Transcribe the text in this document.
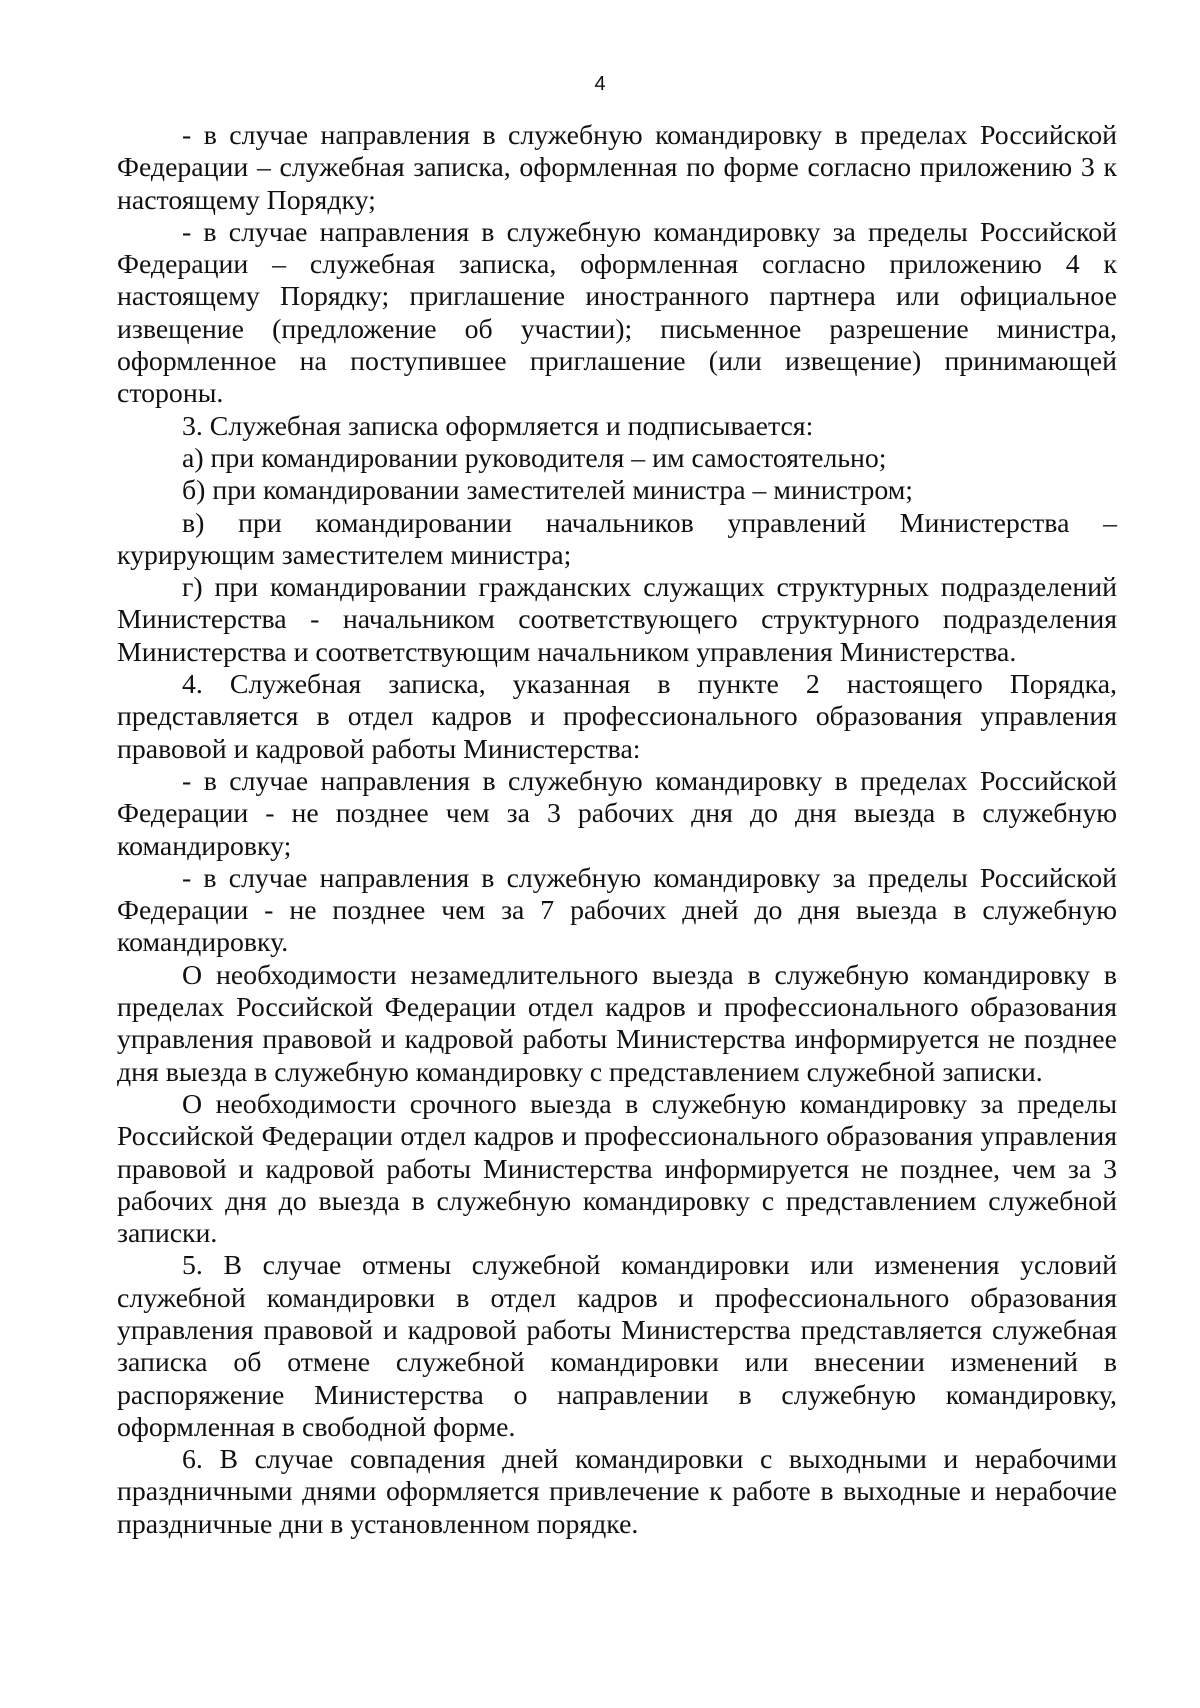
4

- в случае направления в служебную командировку в пределах Российской Федерации – служебная записка, оформленная по форме согласно приложению 3 к настоящему Порядку;

- в случае направления в служебную командировку за пределы Российской Федерации – служебная записка, оформленная согласно приложению 4 к настоящему Порядку; приглашение иностранного партнера или официальное извещение (предложение об участии); письменное разрешение министра, оформленное на поступившее приглашение (или извещение) принимающей стороны.

3. Служебная записка оформляется и подписывается:

а) при командировании руководителя – им самостоятельно;

б) при командировании заместителей министра – министром;

в) при командировании начальников управлений Министерства – курирующим заместителем министра;

г) при командировании гражданских служащих структурных подразделений Министерства - начальником соответствующего структурного подразделения Министерства и соответствующим начальником управления Министерства.

4. Служебная записка, указанная в пункте 2 настоящего Порядка, представляется в отдел кадров и профессионального образования управления правовой и кадровой работы Министерства:

- в случае направления в служебную командировку в пределах Российской Федерации - не позднее чем за 3 рабочих дня до дня выезда в служебную командировку;

- в случае направления в служебную командировку за пределы Российской Федерации - не позднее чем за 7 рабочих дней до дня выезда в служебную командировку.

О необходимости незамедлительного выезда в служебную командировку в пределах Российской Федерации отдел кадров и профессионального образования управления правовой и кадровой работы Министерства информируется не позднее дня выезда в служебную командировку с представлением служебной записки.

О необходимости срочного выезда в служебную командировку за пределы Российской Федерации отдел кадров и профессионального образования управления правовой и кадровой работы Министерства информируется не позднее, чем за 3 рабочих дня до выезда в служебную командировку с представлением служебной записки.

5. В случае отмены служебной командировки или изменения условий служебной командировки в отдел кадров и профессионального образования управления правовой и кадровой работы Министерства представляется служебная записка об отмене служебной командировки или внесении изменений в распоряжение Министерства о направлении в служебную командировку, оформленная в свободной форме.

6. В случае совпадения дней командировки с выходными и нерабочими праздничными днями оформляется привлечение к работе в выходные и нерабочие праздничные дни в установленном порядке.
